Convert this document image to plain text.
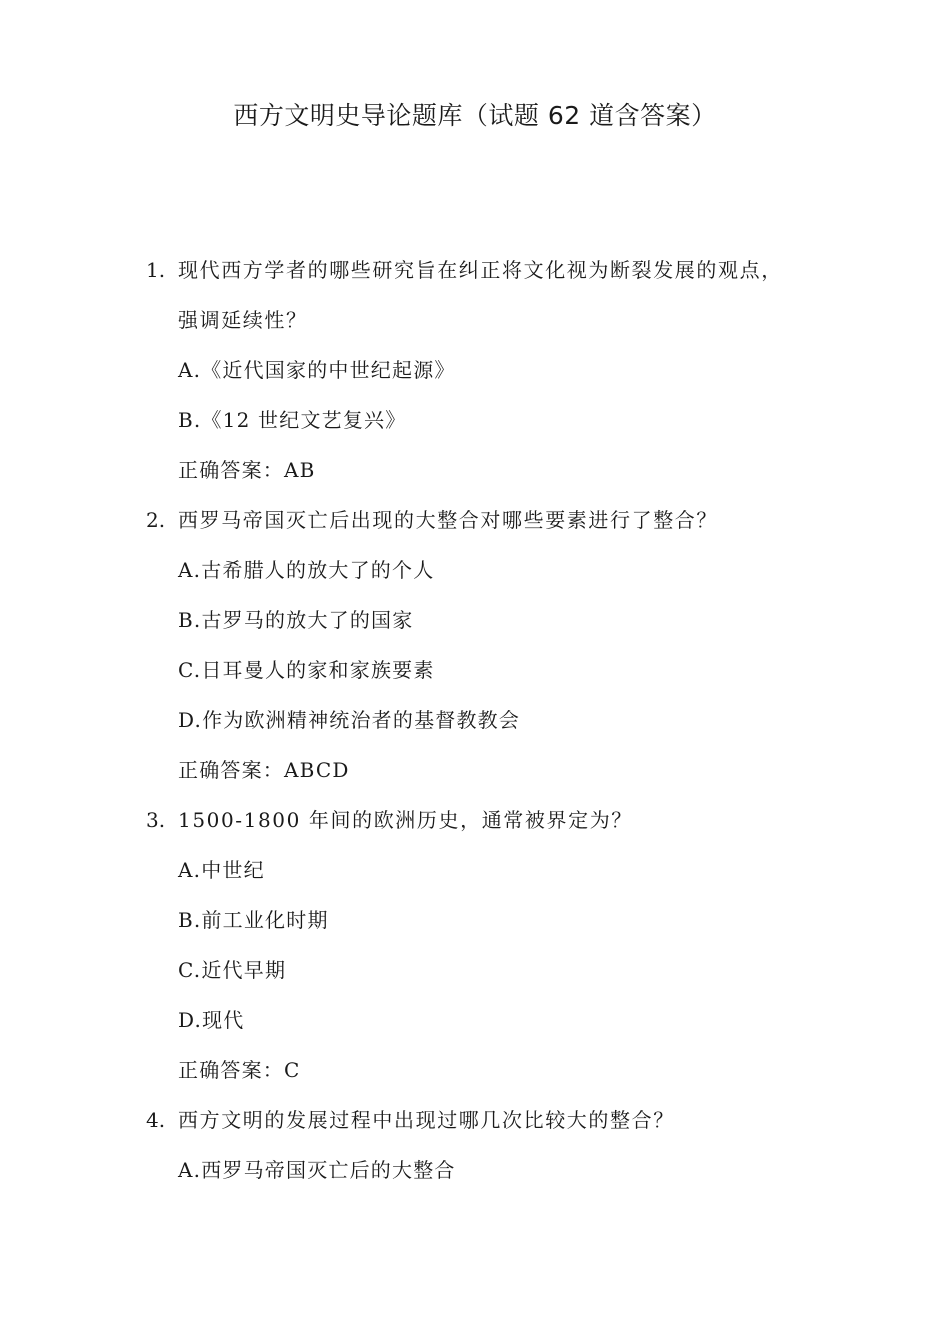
西方文明史导论题库（试题 62 道含答案）
1. 现代西方学者的哪些研究旨在纠正将文化视为断裂发展的观点，
强调延续性？
A.《近代国家的中世纪起源》
B.《12 世纪文艺复兴》
正确答案：AB
2. 西罗马帝国灭亡后出现的大整合对哪些要素进行了整合？
A.古希腊人的放大了的个人
B.古罗马的放大了的国家
C.日耳曼人的家和家族要素
D.作为欧洲精神统治者的基督教教会
正确答案：ABCD
3. 1500-1800 年间的欧洲历史，通常被界定为？
A.中世纪
B.前工业化时期
C.近代早期
D.现代
正确答案：C
4. 西方文明的发展过程中出现过哪几次比较大的整合？
A.西罗马帝国灭亡后的大整合
